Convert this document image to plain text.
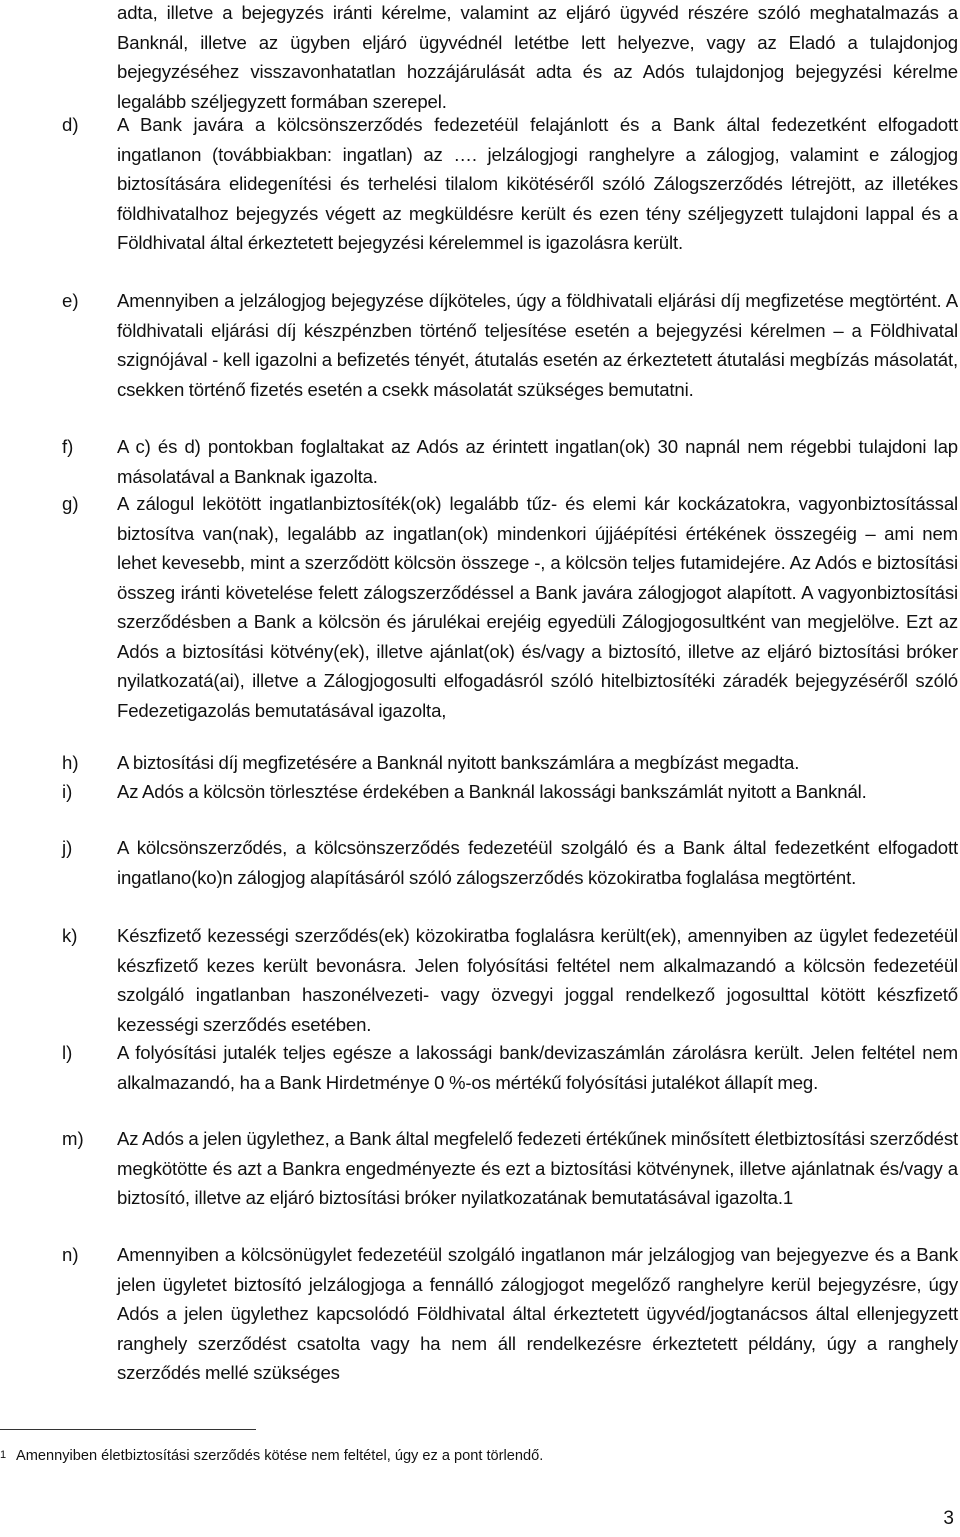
adta, illetve a bejegyzés iránti kérelme, valamint az eljáró ügyvéd részére szóló meghatalmazás a Banknál, illetve az ügyben eljáró ügyvédnél letétbe lett helyezve, vagy az Eladó a tulajdonjog bejegyzéséhez visszavonhatatlan hozzájárulását adta és az Adós tulajdonjog bejegyzési kérelme legalább széljegyzett formában szerepel.
d)	A Bank javára a kölcsönszerződés fedezetéül felajánlott és a Bank által fedezetként elfogadott ingatlanon (továbbiakban: ingatlan) az …. jelzálogjogi ranghelyre a zálogjog, valamint e zálogjog biztosítására elidegenítési és terhelési tilalom kikötéséről szóló Zálogszerződés létrejött, az illetékes földhivatalhoz bejegyzés végett az megküldésre került és ezen tény széljegyzett tulajdoni lappal és a Földhivatal által érkeztetett bejegyzési kérelemmel is igazolásra került.
e)	Amennyiben a jelzálogjog bejegyzése díjköteles, úgy a földhivatali eljárási díj megfizetése megtörtént. A földhivatali eljárási díj készpénzben történő teljesítése esetén a bejegyzési kérelmen – a Földhivatal szignójával - kell igazolni a befizetés tényét, átutalás esetén az érkeztetett átutalási megbízás másolatát, csekken történő fizetés esetén a csekk másolatát szükséges bemutatni.
f)	A c) és d) pontokban foglaltakat az Adós az érintett ingatlan(ok) 30 napnál nem régebbi tulajdoni lap másolatával a Banknak igazolta.
g)	A zálogul lekötött ingatlanbiztosíték(ok) legalább tűz- és elemi kár kockázatokra, vagyonbiztosítással biztosítva van(nak), legalább az ingatlan(ok) mindenkori újjáépítési értékének összegéig – ami nem lehet kevesebb, mint a szerződött kölcsön összege -, a kölcsön teljes futamidejére. Az Adós e biztosítási összeg iránti követelése felett zálogszerződéssel a Bank javára zálogjogot alapított. A vagyonbiztosítási szerződésben a Bank a kölcsön és járulékai erejéig egyedüli Zálogjogosultként van megjelölve. Ezt az Adós a biztosítási kötvény(ek), illetve ajánlat(ok) és/vagy a biztosító, illetve az eljáró biztosítási bróker nyilatkozatá(ai), illetve a Zálogjogosulti elfogadásról szóló hitelbiztosítéki záradék bejegyzéséről szóló Fedezetigazolás bemutatásával igazolta,
h)	A biztosítási díj megfizetésére a Banknál nyitott bankszámlára a megbízást megadta.
i)	Az Adós a kölcsön törlesztése érdekében a Banknál lakossági bankszámlát nyitott a Banknál.
j)	A kölcsönszerződés, a kölcsönszerződés fedezetéül szolgáló és a Bank által fedezetként elfogadott ingatlano(ko)n zálogjog alapításáról szóló zálogszerződés közokiratba foglalása megtörtént.
k)	Készfizető kezességi szerződés(ek) közokiratba foglalásra került(ek), amennyiben az ügylet fedezetéül készfizető kezes került bevonásra. Jelen folyósítási feltétel nem alkalmazandó a kölcsön fedezetéül szolgáló ingatlanban haszonélvezeti- vagy özvegyi joggal rendelkező jogosulttal kötött készfizető kezességi szerződés esetében.
l)	A folyósítási jutalék teljes egésze a lakossági bank/devizaszámlán zárolásra került. Jelen feltétel nem alkalmazandó, ha a Bank Hirdetménye 0 %-os mértékű folyósítási jutalékot állapít meg.
m)	Az Adós a jelen ügylethez, a Bank által megfelelő fedezeti értékűnek minősített életbiztosítási szerződést megkötötte és azt a Bankra engedményezte és ezt a biztosítási kötvénynek, illetve ajánlatnak és/vagy a biztosító, illetve az eljáró biztosítási bróker nyilatkozatának bemutatásával igazolta.1
n)	Amennyiben a kölcsönügylet fedezetéül szolgáló ingatlanon már jelzálogjog van bejegyezve és a Bank jelen ügyletet biztosító jelzálogjoga a fennálló zálogjogot megelőző ranghelyre kerül bejegyzésre, úgy Adós a jelen ügylethez kapcsolódó Földhivatal által érkeztetett ügyvéd/jogtanácsos által ellenjegyzett ranghely szerződést csatolta vagy ha nem áll rendelkezésre érkeztetett példány, úgy a ranghely szerződés mellé szükséges
1 Amennyiben életbiztosítási szerződés kötése nem feltétel, úgy ez a pont törlendő.
3
